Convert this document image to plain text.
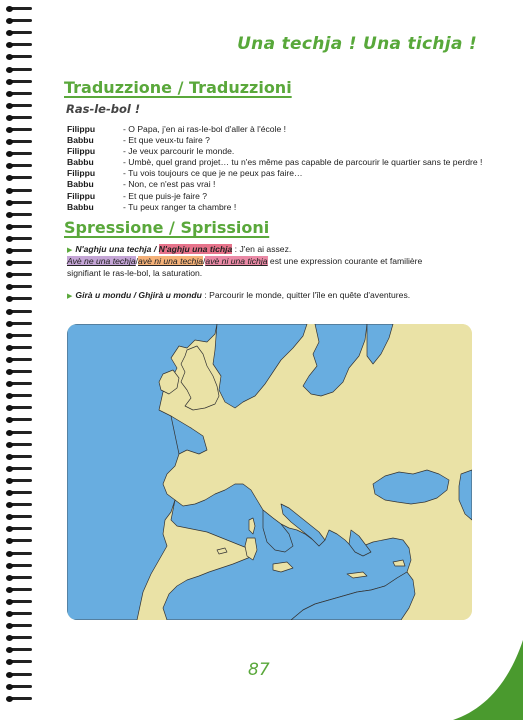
Una techja ! Una tichja !
Traduzzione / Traduzzioni
Ras-le-bol !
Filippu	- O Papa, j'en ai ras-le-bol d'aller à l'école !
Babbu	- Et que veux-tu faire ?
Filippu	- Je veux parcourir le monde.
Babbu	- Umbè, quel grand projet… tu n'es même pas capable de parcourir le quartier sans te perdre !
Filippu	- Tu vois toujours ce que je ne peux pas faire…
Babbu	- Non, ce n'est pas vrai !
Filippu	- Et que puis-je faire ?
Babbu	- Tu peux ranger ta chambre !
Spressione / Sprissioni
▶ N'aghju una techja / N'aghju una tichja : J'en ai assez.
Avè ne una techja/avè ni una techja avè ni una tichja est une expression courante et familière
signifiant le ras-le-bol, la saturation.
▶ Girà u mondu / Ghjirà u mondu : Parcourir le monde, quitter l'île en quête d'aventures.
87
